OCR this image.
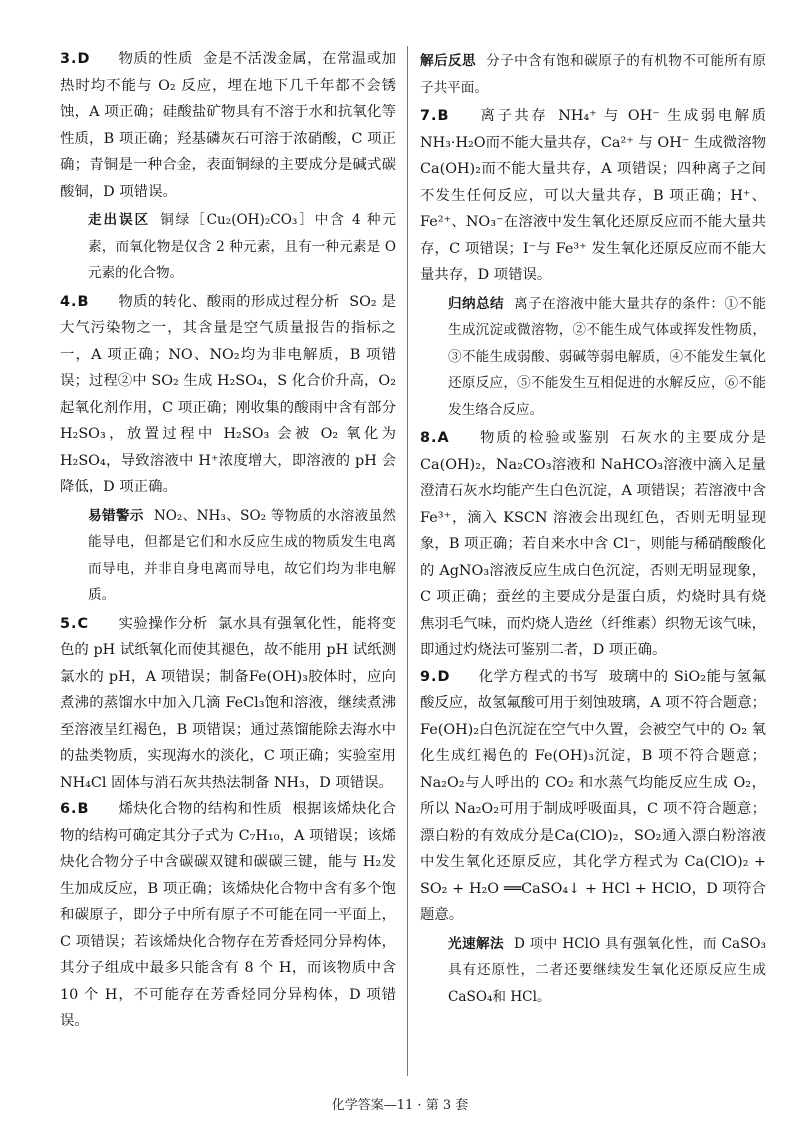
3.D 物质的性质 金是不活泼金属，在常温或加热时均不能与 O₂ 反应，埋在地下几千年都不会锈蚀，A 项正确；硅酸盐矿物具有不溶于水和抗氧化等性质，B 项正确；羟基磷灰石可溶于浓硝酸，C 项正确；青铜是一种合金，表面铜绿的主要成分是碱式碳酸铜，D 项错误。

走出误区 铜绿［Cu₂(OH)₂CO₃］中含 4 种元素，而氧化物是仅含 2 种元素，且有一种元素是 O 元素的化合物。

4.B 物质的转化、酸雨的形成过程分析 SO₂ 是大气污染物之一，其含量是空气质量报告的指标之一，A 项正确；NO、NO₂均为非电解质，B 项错误；过程②中 SO₂ 生成 H₂SO₄，S 化合价升高，O₂起氧化剂作用，C 项正确；刚收集的酸雨中含有部分 H₂SO₃，放置过程中 H₂SO₃ 会被 O₂ 氧化为 H₂SO₄，导致溶液中 H⁺浓度增大，即溶液的 pH 会降低，D 项正确。

易错警示 NO₂、NH₃、SO₂ 等物质的水溶液虽然能导电，但都是它们和水反应生成的物质发生电离而导电，并非自身电离而导电，故它们均为非电解质。

5.C 实验操作分析 氯水具有强氧化性，能将变色的 pH 试纸氧化而使其褪色，故不能用 pH 试纸测氯水的 pH，A 项错误；制备Fe(OH)₃胶体时，应向煮沸的蒸馏水中加入几滴 FeCl₃饱和溶液，继续煮沸至溶液呈红褐色，B 项错误；通过蒸馏能除去海水中的盐类物质，实现海水的淡化，C 项正确；实验室用 NH₄Cl 固体与消石灰共热法制备 NH₃，D 项错误。

6.B 烯炔化合物的结构和性质 根据该烯炔化合物的结构可确定其分子式为 C₇H₁₀，A 项错误；该烯炔化合物分子中含碳碳双键和碳碳三键，能与 H₂发生加成反应，B 项正确；该烯炔化合物中含有多个饱和碳原子，即分子中所有原子不可能在同一平面上，C 项错误；若该烯炔化合物存在芳香烃同分异构体，其分子组成中最多只能含有 8 个 H，而该物质中含 10 个 H，不可能存在芳香烃同分异构体，D 项错误。

解后反思 分子中含有饱和碳原子的有机物不可能所有原子共平面。

7.B 离子共存 NH₄⁺ 与 OH⁻ 生成弱电解质 NH₃·H₂O而不能大量共存，Ca²⁺ 与 OH⁻ 生成微溶物Ca(OH)₂而不能大量共存，A 项错误；四种离子之间不发生任何反应，可以大量共存，B 项正确；H⁺、Fe²⁺、NO₃⁻在溶液中发生氧化还原反应而不能大量共存，C 项错误；I⁻与 Fe³⁺ 发生氧化还原反应而不能大量共存，D 项错误。

归纳总结 离子在溶液中能大量共存的条件：①不能生成沉淀或微溶物，②不能生成气体或挥发性物质，③不能生成弱酸、弱碱等弱电解质，④不能发生氧化还原反应，⑤不能发生互相促进的水解反应，⑥不能发生络合反应。

8.A 物质的检验或鉴别 石灰水的主要成分是 Ca(OH)₂，Na₂CO₃溶液和 NaHCO₃溶液中滴入足量澄清石灰水均能产生白色沉淀，A 项错误；若溶液中含 Fe³⁺，滴入 KSCN 溶液会出现红色，否则无明显现象，B 项正确；若自来水中含 Cl⁻，则能与稀硝酸酸化的 AgNO₃溶液反应生成白色沉淀，否则无明显现象，C 项正确；蚕丝的主要成分是蛋白质，灼烧时具有烧焦羽毛气味，而灼烧人造丝（纤维素）织物无该气味，即通过灼烧法可鉴别二者，D 项正确。

9.D 化学方程式的书写 玻璃中的 SiO₂能与氢氟酸反应，故氢氟酸可用于刻蚀玻璃，A 项不符合题意；Fe(OH)₂白色沉淀在空气中久置，会被空气中的 O₂ 氧化生成红褐色的 Fe(OH)₃沉淀，B 项不符合题意；Na₂O₂与人呼出的 CO₂ 和水蒸气均能反应生成 O₂，所以 Na₂O₂可用于制成呼吸面具，C 项不符合题意；漂白粉的有效成分是Ca(ClO)₂，SO₂通入漂白粉溶液中发生氧化还原反应，其化学方程式为 Ca(ClO)₂ + SO₂ + H₂O ══CaSO₄↓ + HCl + HClO，D 项符合题意。

光速解法 D 项中 HClO 具有强氧化性，而 CaSO₃具有还原性，二者还要继续发生氧化还原反应生成 CaSO₄和 HCl。
化学答案—11 · 第 3 套
